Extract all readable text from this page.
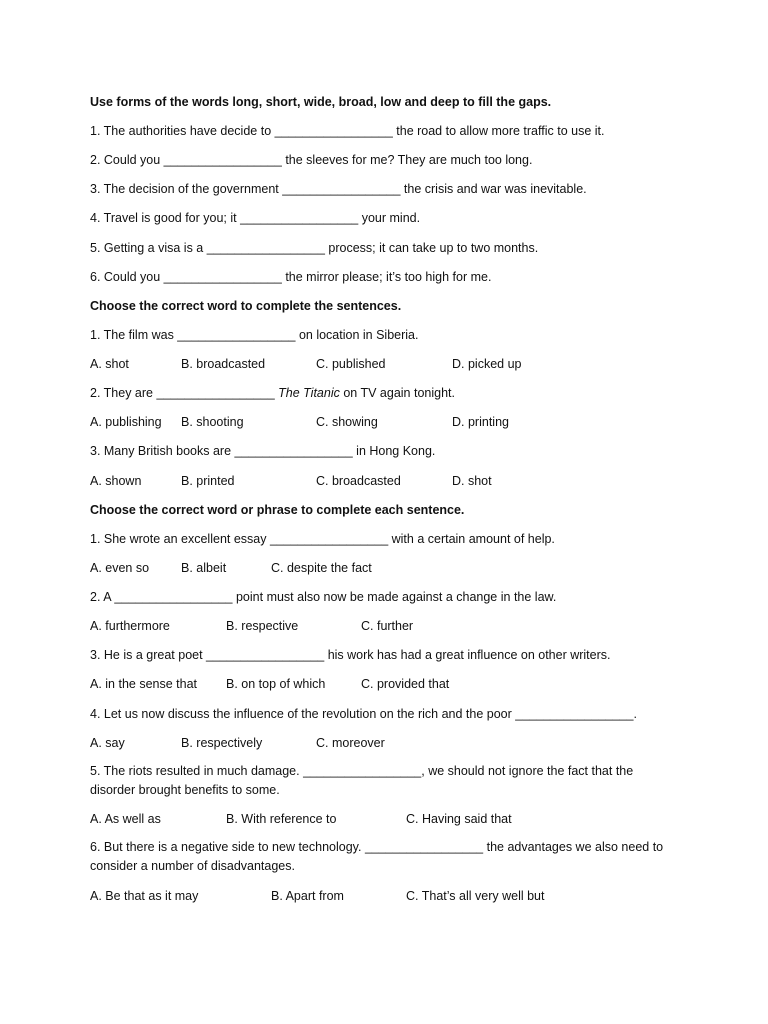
Use forms of the words long, short, wide, broad, low and deep to fill the gaps.
1. The authorities have decide to _________________ the road to allow more traffic to use it.
2. Could you _________________ the sleeves for me? They are much too long.
3. The decision of the government _________________ the crisis and war was inevitable.
4. Travel is good for you; it _________________ your mind.
5. Getting a visa is a _________________ process; it can take up to two months.
6. Could you _________________ the mirror please; it’s too high for me.
Choose the correct word to complete the sentences.
1. The film was _________________ on location in Siberia.
A. shot	B. broadcasted	C. published	D. picked up
2. They are _________________ The Titanic on TV again tonight.
A. publishing B. shooting	C. showing	D. printing
3. Many British books are _________________ in Hong Kong.
A. shown	B. printed	C. broadcasted	D. shot
Choose the correct word or phrase to complete each sentence.
1. She wrote an excellent essay _________________ with a certain amount of help.
A. even so	B. albeit	C. despite the fact
2. A _________________ point must also now be made against a change in the law.
A. furthermore	B. respective	C. further
3. He is a great poet _________________ his work has had a great influence on other writers.
A. in the sense that B. on top of which	C. provided that
4. Let us now discuss the influence of the revolution on the rich and the poor _________________.
A. say	B. respectively	C. moreover
5. The riots resulted in much damage. _________________, we should not ignore the fact that the disorder brought benefits to some.
A. As well as	B. With reference to	C. Having said that
6. But there is a negative side to new technology. _________________ the advantages we also need to consider a number of disadvantages.
A. Be that as it may	B. Apart from	C. That’s all very well but
